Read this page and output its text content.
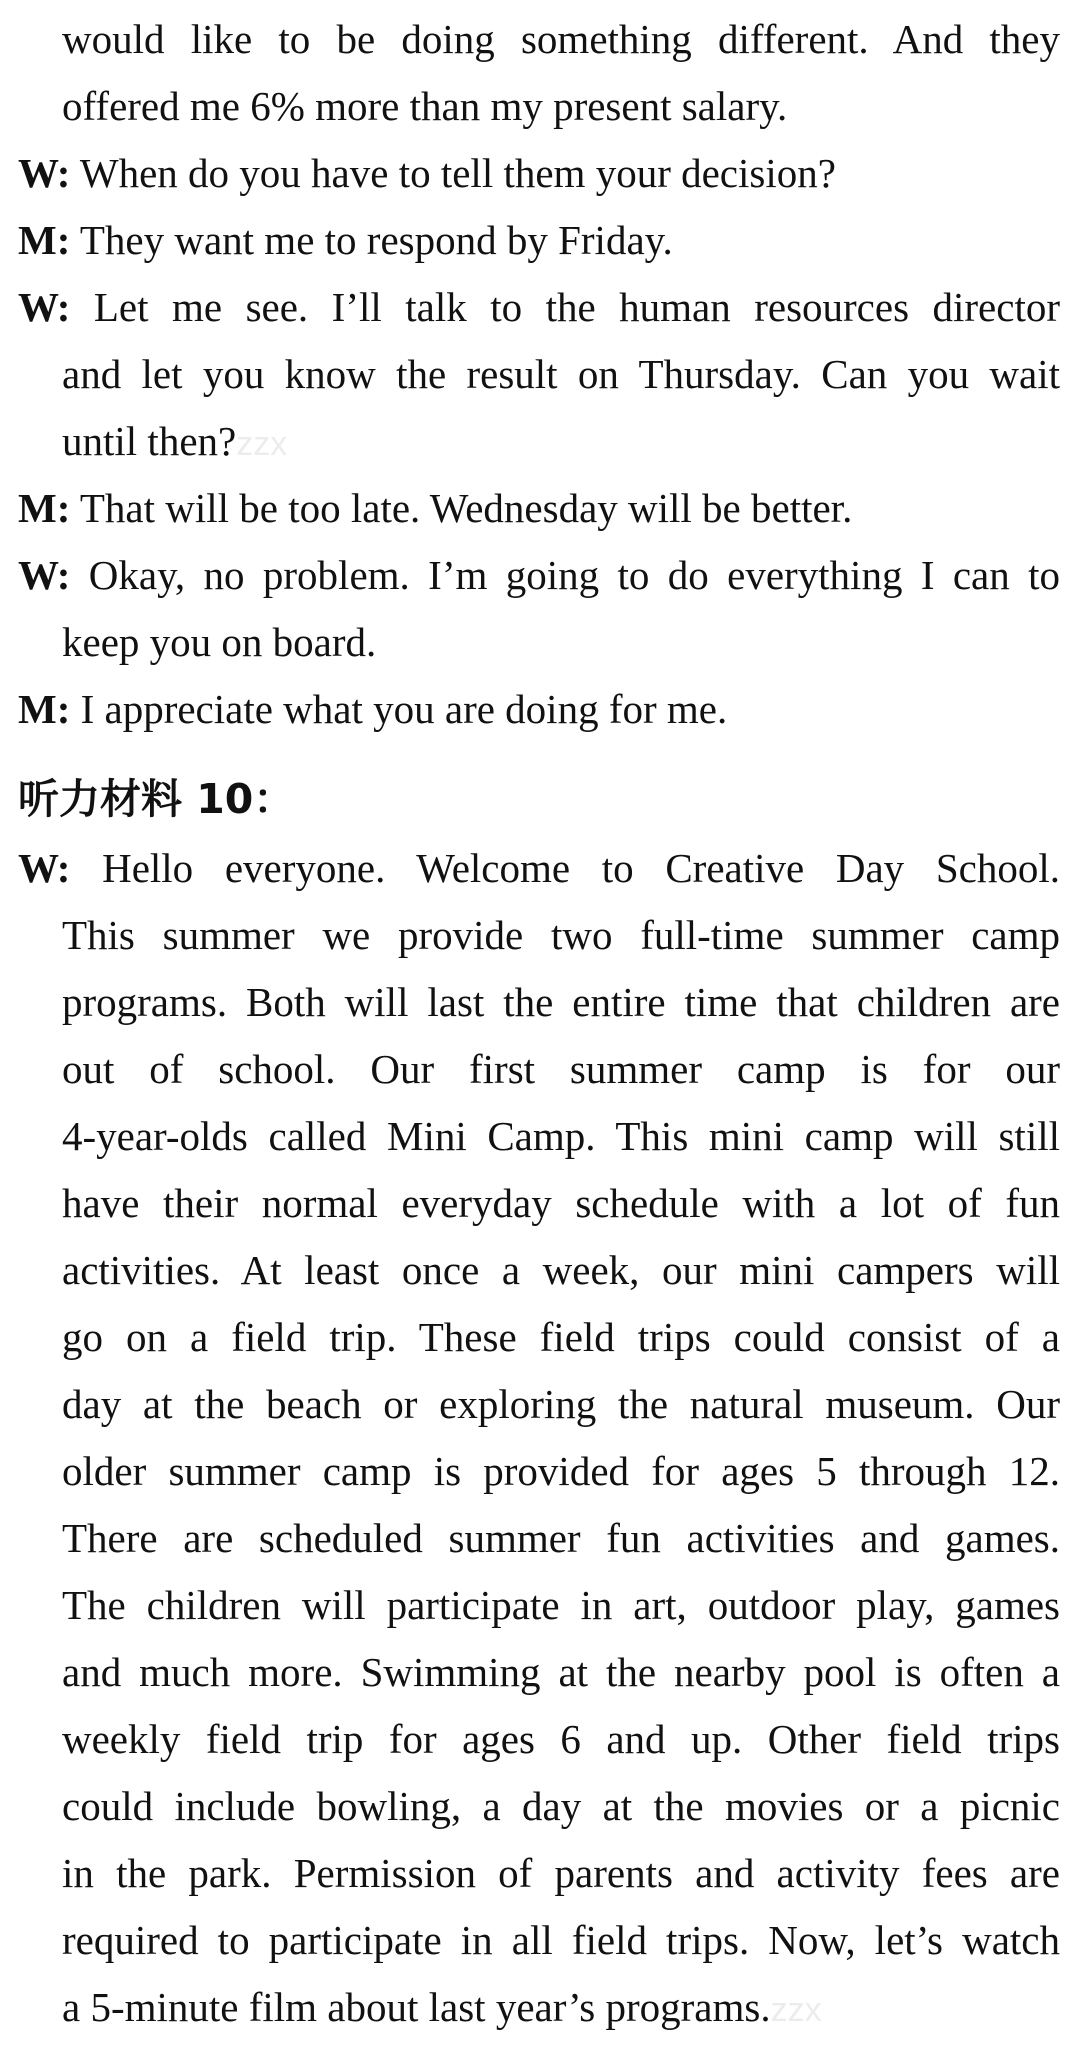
would like to be doing something different. And they
offered me 6% more than my present salary.
W: When do you have to tell them your decision?
M: They want me to respond by Friday.
W: Let me see. I’ll talk to the human resources director
and let you know the result on Thursday. Can you wait
until then?zzx
M: That will be too late. Wednesday will be better.
W: Okay, no problem. I’m going to do everything I can to
keep you on board.
M: I appreciate what you are doing for me.
听力材料 10：
W: Hello everyone. Welcome to Creative Day School.
This summer we provide two full-time summer camp
programs. Both will last the entire time that children are
out of school. Our first summer camp is for our
4-year-olds called Mini Camp. This mini camp will still
have their normal everyday schedule with a lot of fun
activities. At least once a week, our mini campers will
go on a field trip. These field trips could consist of a
day at the beach or exploring the natural museum. Our
older summer camp is provided for ages 5 through 12.
There are scheduled summer fun activities and games.
The children will participate in art, outdoor play, games
and much more. Swimming at the nearby pool is often a
weekly field trip for ages 6 and up. Other field trips
could include bowling, a day at the movies or a picnic
in the park. Permission of parents and activity fees are
required to participate in all field trips. Now, let’s watch
a 5-minute film about last year’s programs.zzx
